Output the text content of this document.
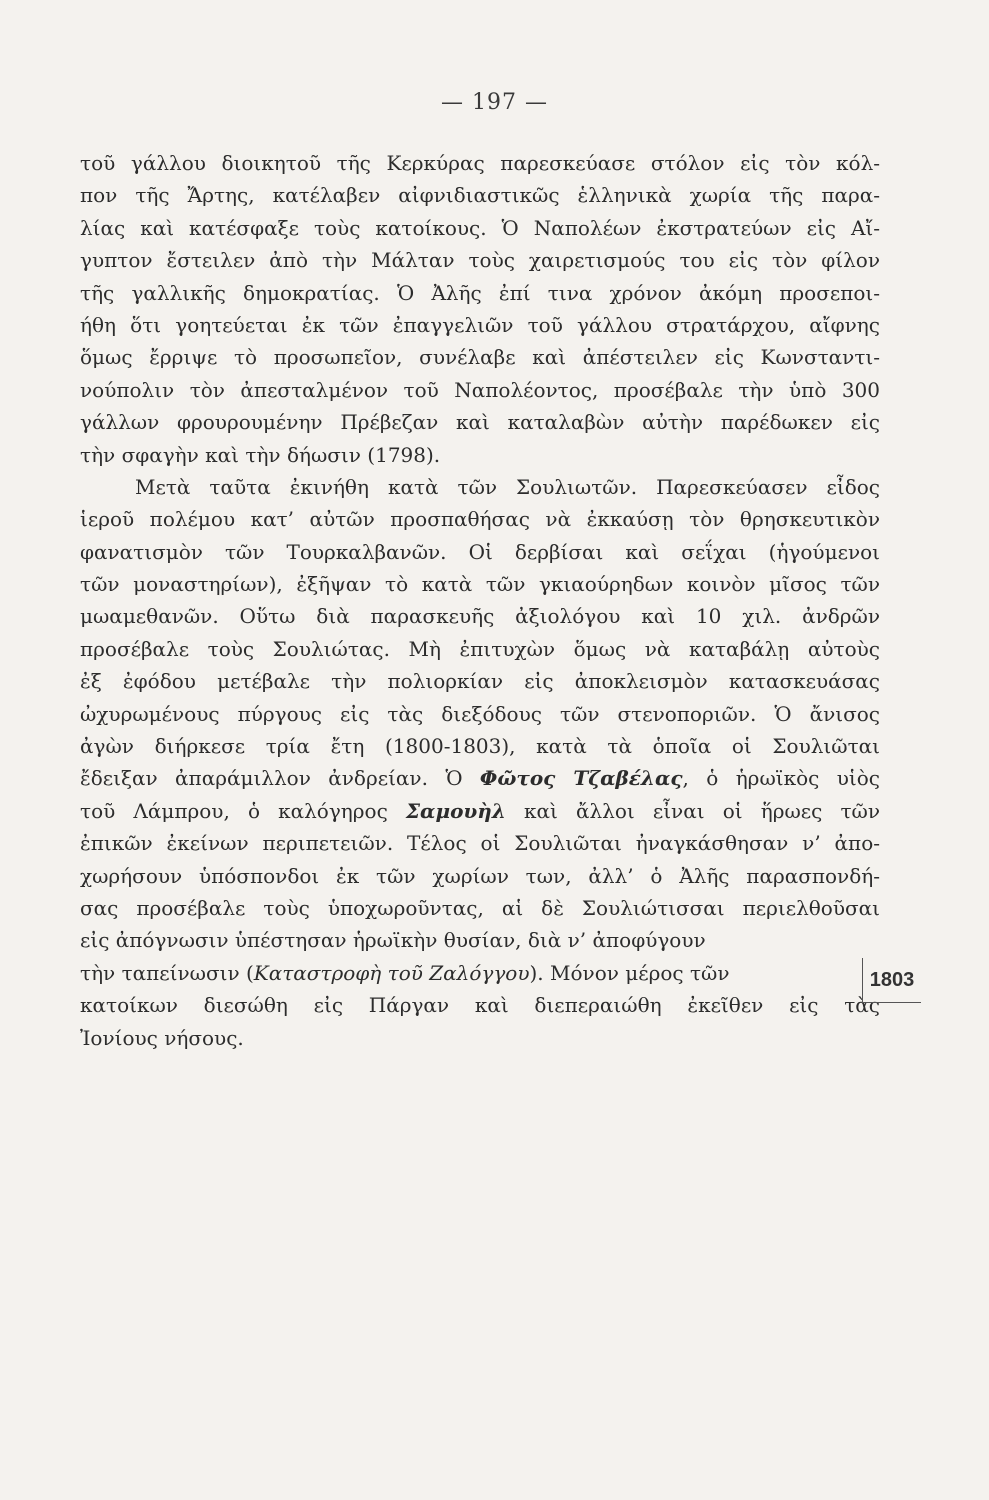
— 197 —
τοῦ γάλλου διοικητοῦ τῆς Κερκύρας παρεσκεύασε στόλον εἰς τὸν κόλ-
πον τῆς Ἄρτης, κατέλαβεν αἰφνιδιαστικῶς ἑλληνικὰ χωρία τῆς παρα-
λίας καὶ κατέσφαξε τοὺς κατοίκους. Ὁ Ναπολέων ἐκστρατεύων εἰς Αἴ-
γυπτον ἔστειλεν ἀπὸ τὴν Μάλταν τοὺς χαιρετισμούς του εἰς τὸν φίλον
τῆς γαλλικῆς δημοκρατίας. Ὁ Ἀλῆς ἐπί τινα χρόνον ἀκόμη προσεποι-
ήθη ὅτι γοητεύεται ἐκ τῶν ἐπαγγελιῶν τοῦ γάλλου στρατάρχου, αἴφνης
ὅμως ἔρριψε τὸ προσωπεῖον, συνέλαβε καὶ ἀπέστειλεν εἰς Κωνσταντι-
νούπολιν τὸν ἀπεσταλμένον τοῦ Ναπολέοντος, προσέβαλε τὴν ὑπὸ 300
γάλλων φρουρουμένην Πρέβεζαν καὶ καταλαβὼν αὐτὴν παρέδωκεν εἰς
τὴν σφαγὴν καὶ τὴν δήωσιν (1798).
Μετὰ ταῦτα ἐκινήθη κατὰ τῶν Σουλιωτῶν. Παρεσκεύασεν εἶδος
ἱεροῦ πολέμου κατ’ αὐτῶν προσπαθήσας νὰ ἐκκαύσῃ τὸν θρησκευτικὸν
φανατισμὸν τῶν Τουρκαλβανῶν. Οἱ δερβίσαι καὶ σεΐχαι (ἡγούμενοι
τῶν μοναστηρίων), ἐξῆψαν τὸ κατὰ τῶν γκιαούρηδων κοινὸν μῖσος τῶν
μωαμεθανῶν. Οὕτω διὰ παρασκευῆς ἀξιολόγου καὶ 10 χιλ. ἀνδρῶν
προσέβαλε τοὺς Σουλιώτας. Μὴ ἐπιτυχὼν ὅμως νὰ καταβάλῃ αὐτοὺς
ἐξ ἐφόδου μετέβαλε τὴν πολιορκίαν εἰς ἀποκλεισμὸν κατασκευάσας
ὠχυρωμένους πύργους εἰς τὰς διεξόδους τῶν στενοποριῶν. Ὁ ἄνισος
ἀγὼν διήρκεσε τρία ἔτη (1800-1803), κατὰ τὰ ὁποῖα οἱ Σουλιῶται
ἔδειξαν ἀπαράμιλλον ἀνδρείαν. Ὁ Φῶτος Τζαβέλας, ὁ ἡρωϊκὸς υἱὸς
τοῦ Λάμπρου, ὁ καλόγηρος Σαμουὴλ καὶ ἄλλοι εἶναι οἱ ἥρωες τῶν
ἐπικῶν ἐκείνων περιπετειῶν. Τέλος οἱ Σουλιῶται ἠναγκάσθησαν ν’ ἀπο-
χωρήσουν ὑπόσπονδοι ἐκ τῶν χωρίων των, ἀλλ’ ὁ Ἀλῆς παρασπονδή-
σας προσέβαλε τοὺς ὑποχωροῦντας, αἱ δὲ Σουλιώτισσαι περιελθοῦσαι
εἰς ἀπόγνωσιν ὑπέστησαν ἡρωϊκὴν θυσίαν, διὰ ν’ ἀποφύγουν
τὴν ταπείνωσιν (Καταστροφὴ τοῦ Ζαλόγγου). Μόνον μέρος τῶν
κατοίκων διεσώθη εἰς Πάργαν καὶ διεπεραιώθη ἐκεῖθεν εἰς τὰς
Ἰονίους νήσους.
1803
